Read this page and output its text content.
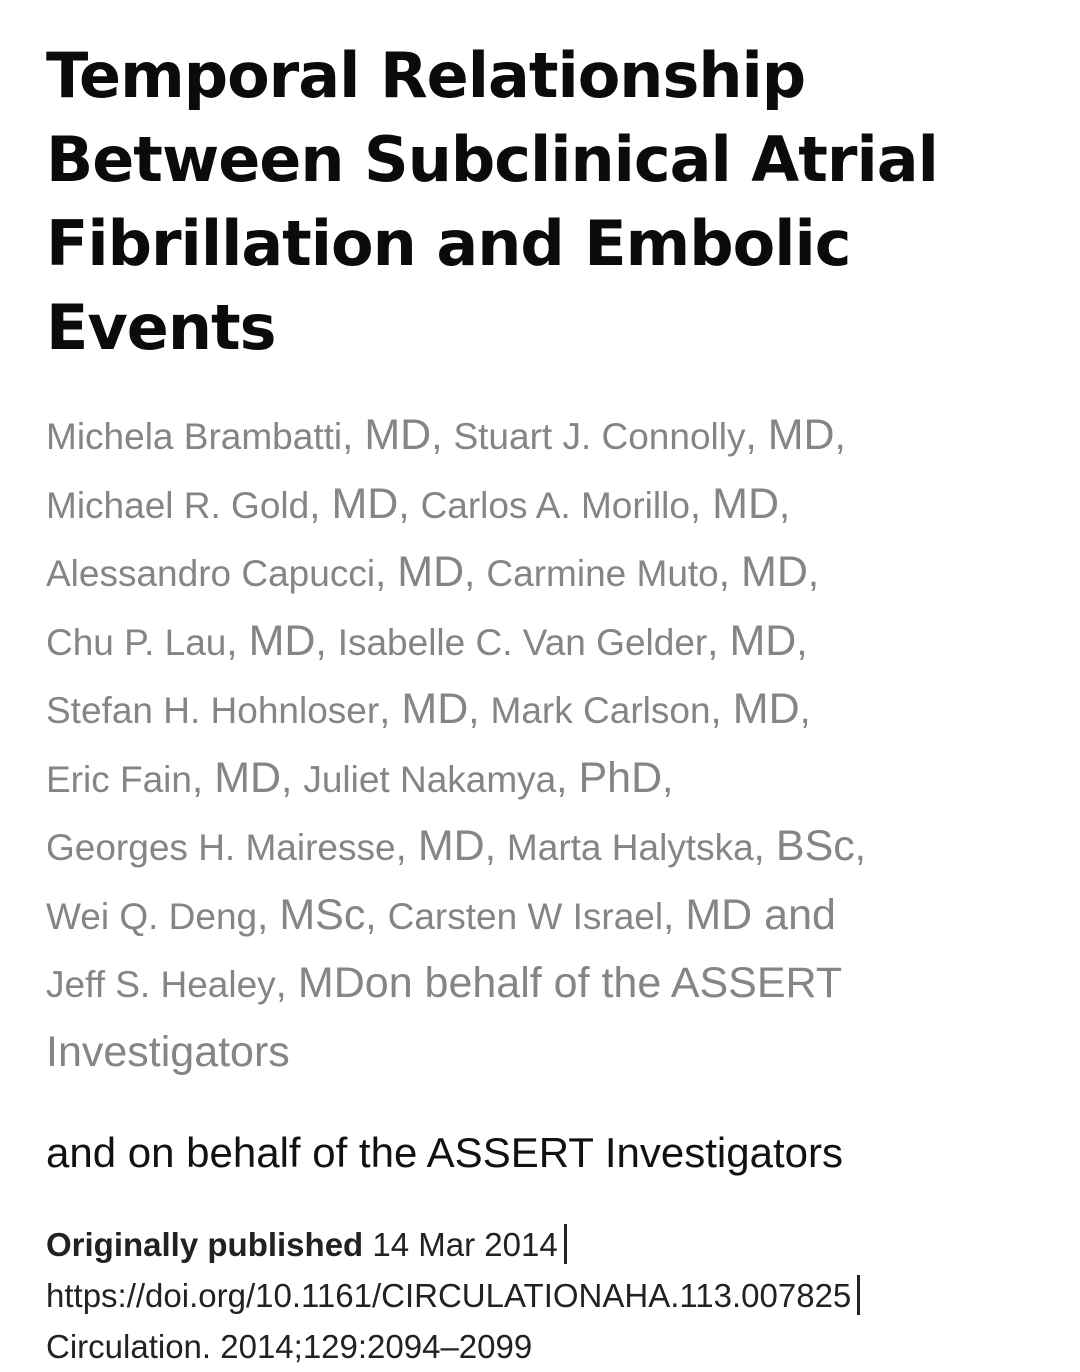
Temporal Relationship Between Subclinical Atrial Fibrillation and Embolic Events
Michela Brambatti, MD, Stuart J. Connolly, MD,
Michael R. Gold, MD, Carlos A. Morillo, MD,
Alessandro Capucci, MD, Carmine Muto, MD,
Chu P. Lau, MD, Isabelle C. Van Gelder, MD,
Stefan H. Hohnloser, MD, Mark Carlson, MD,
Eric Fain, MD, Juliet Nakamya, PhD,
Georges H. Mairesse, MD, Marta Halytska, BSc,
Wei Q. Deng, MSc, Carsten W Israel, MD and
Jeff S. Healey, MDon behalf of the ASSERT Investigators
and on behalf of the ASSERT Investigators
Originally published 14 Mar 2014
https://doi.org/10.1161/CIRCULATIONAHA.113.007825
Circulation. 2014;129:2094–2099
